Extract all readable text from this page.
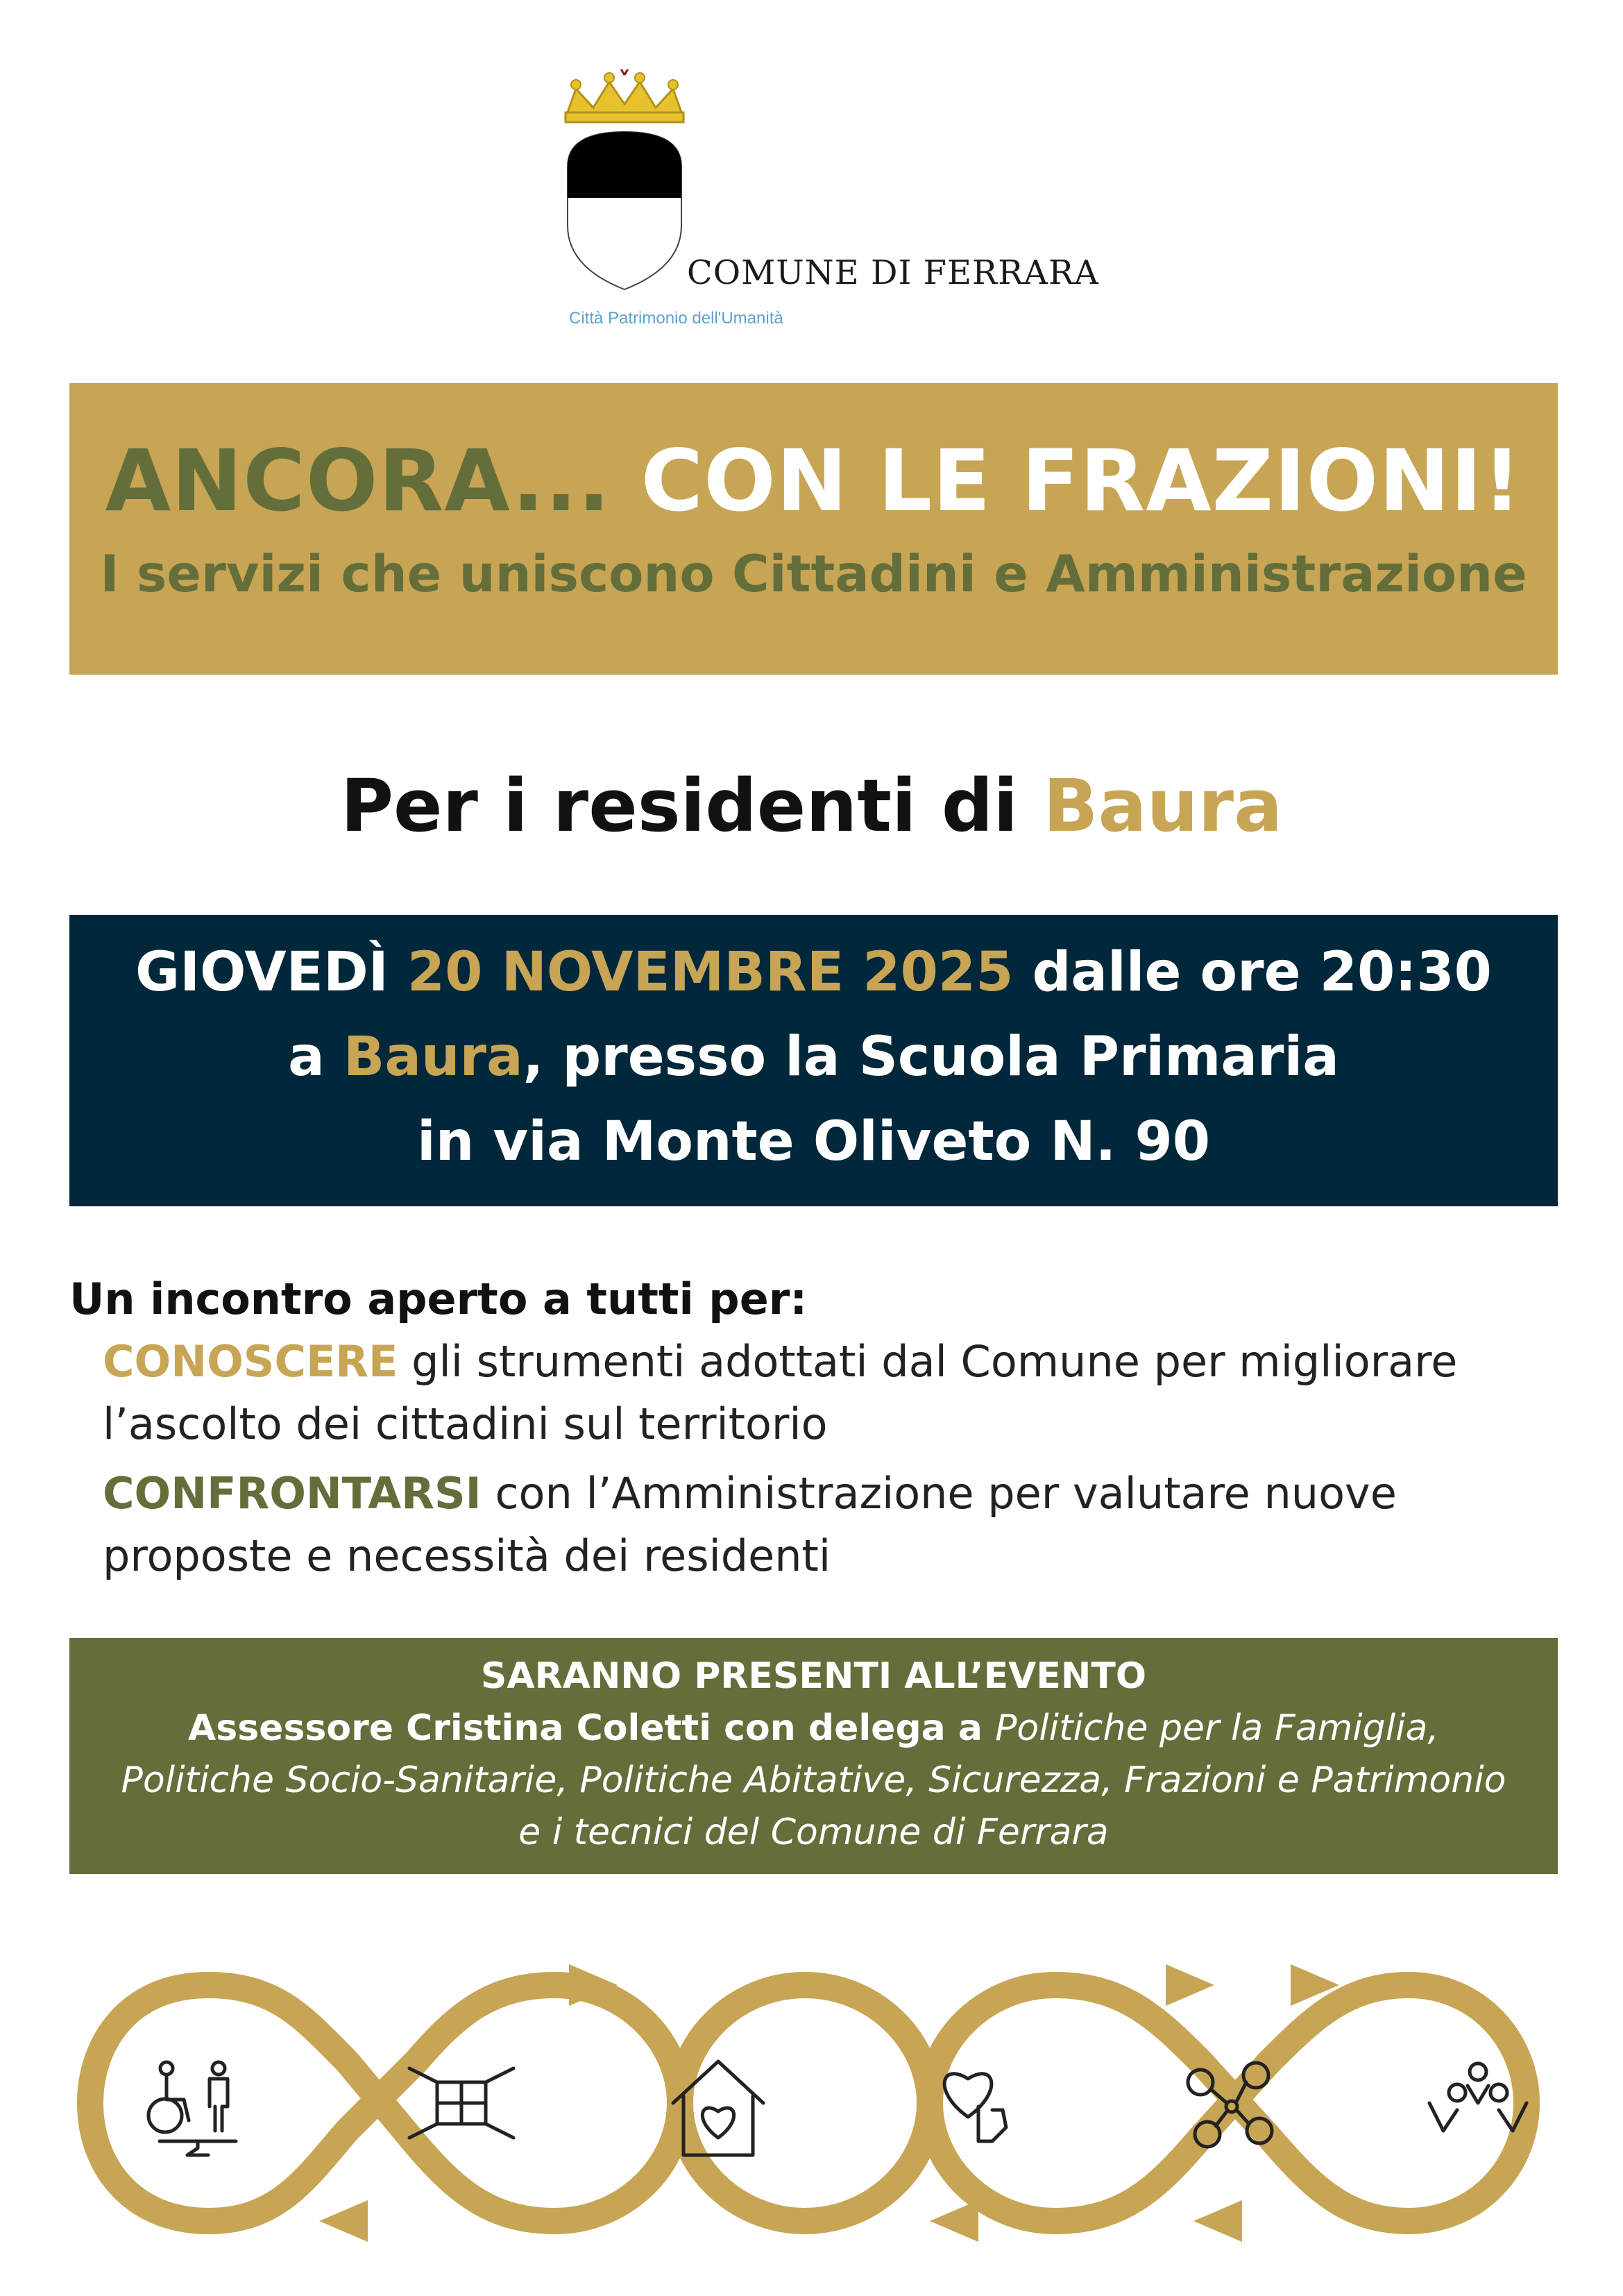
COMUNE DI FERRARA
Città Patrimonio dell'Umanità
ANCORA... CON LE FRAZIONI!
I servizi che uniscono Cittadini e Amministrazione
Per i residenti di Baura
GIOVEDÌ 20 NOVEMBRE 2025 dalle ore 20:30
a Baura, presso la Scuola Primaria
in via Monte Oliveto N. 90
Un incontro aperto a tutti per:
CONOSCERE gli strumenti adottati dal Comune per migliorare
l’ascolto dei cittadini sul territorio
CONFRONTARSI con l’Amministrazione per valutare nuove
proposte e necessità dei residenti
SARANNO PRESENTI ALL’EVENTO
Assessore Cristina Coletti con delega a Politiche per la Famiglia,
Politiche Socio-Sanitarie, Politiche Abitative, Sicurezza, Frazioni e Patrimonio
e i tecnici del Comune di Ferrara
